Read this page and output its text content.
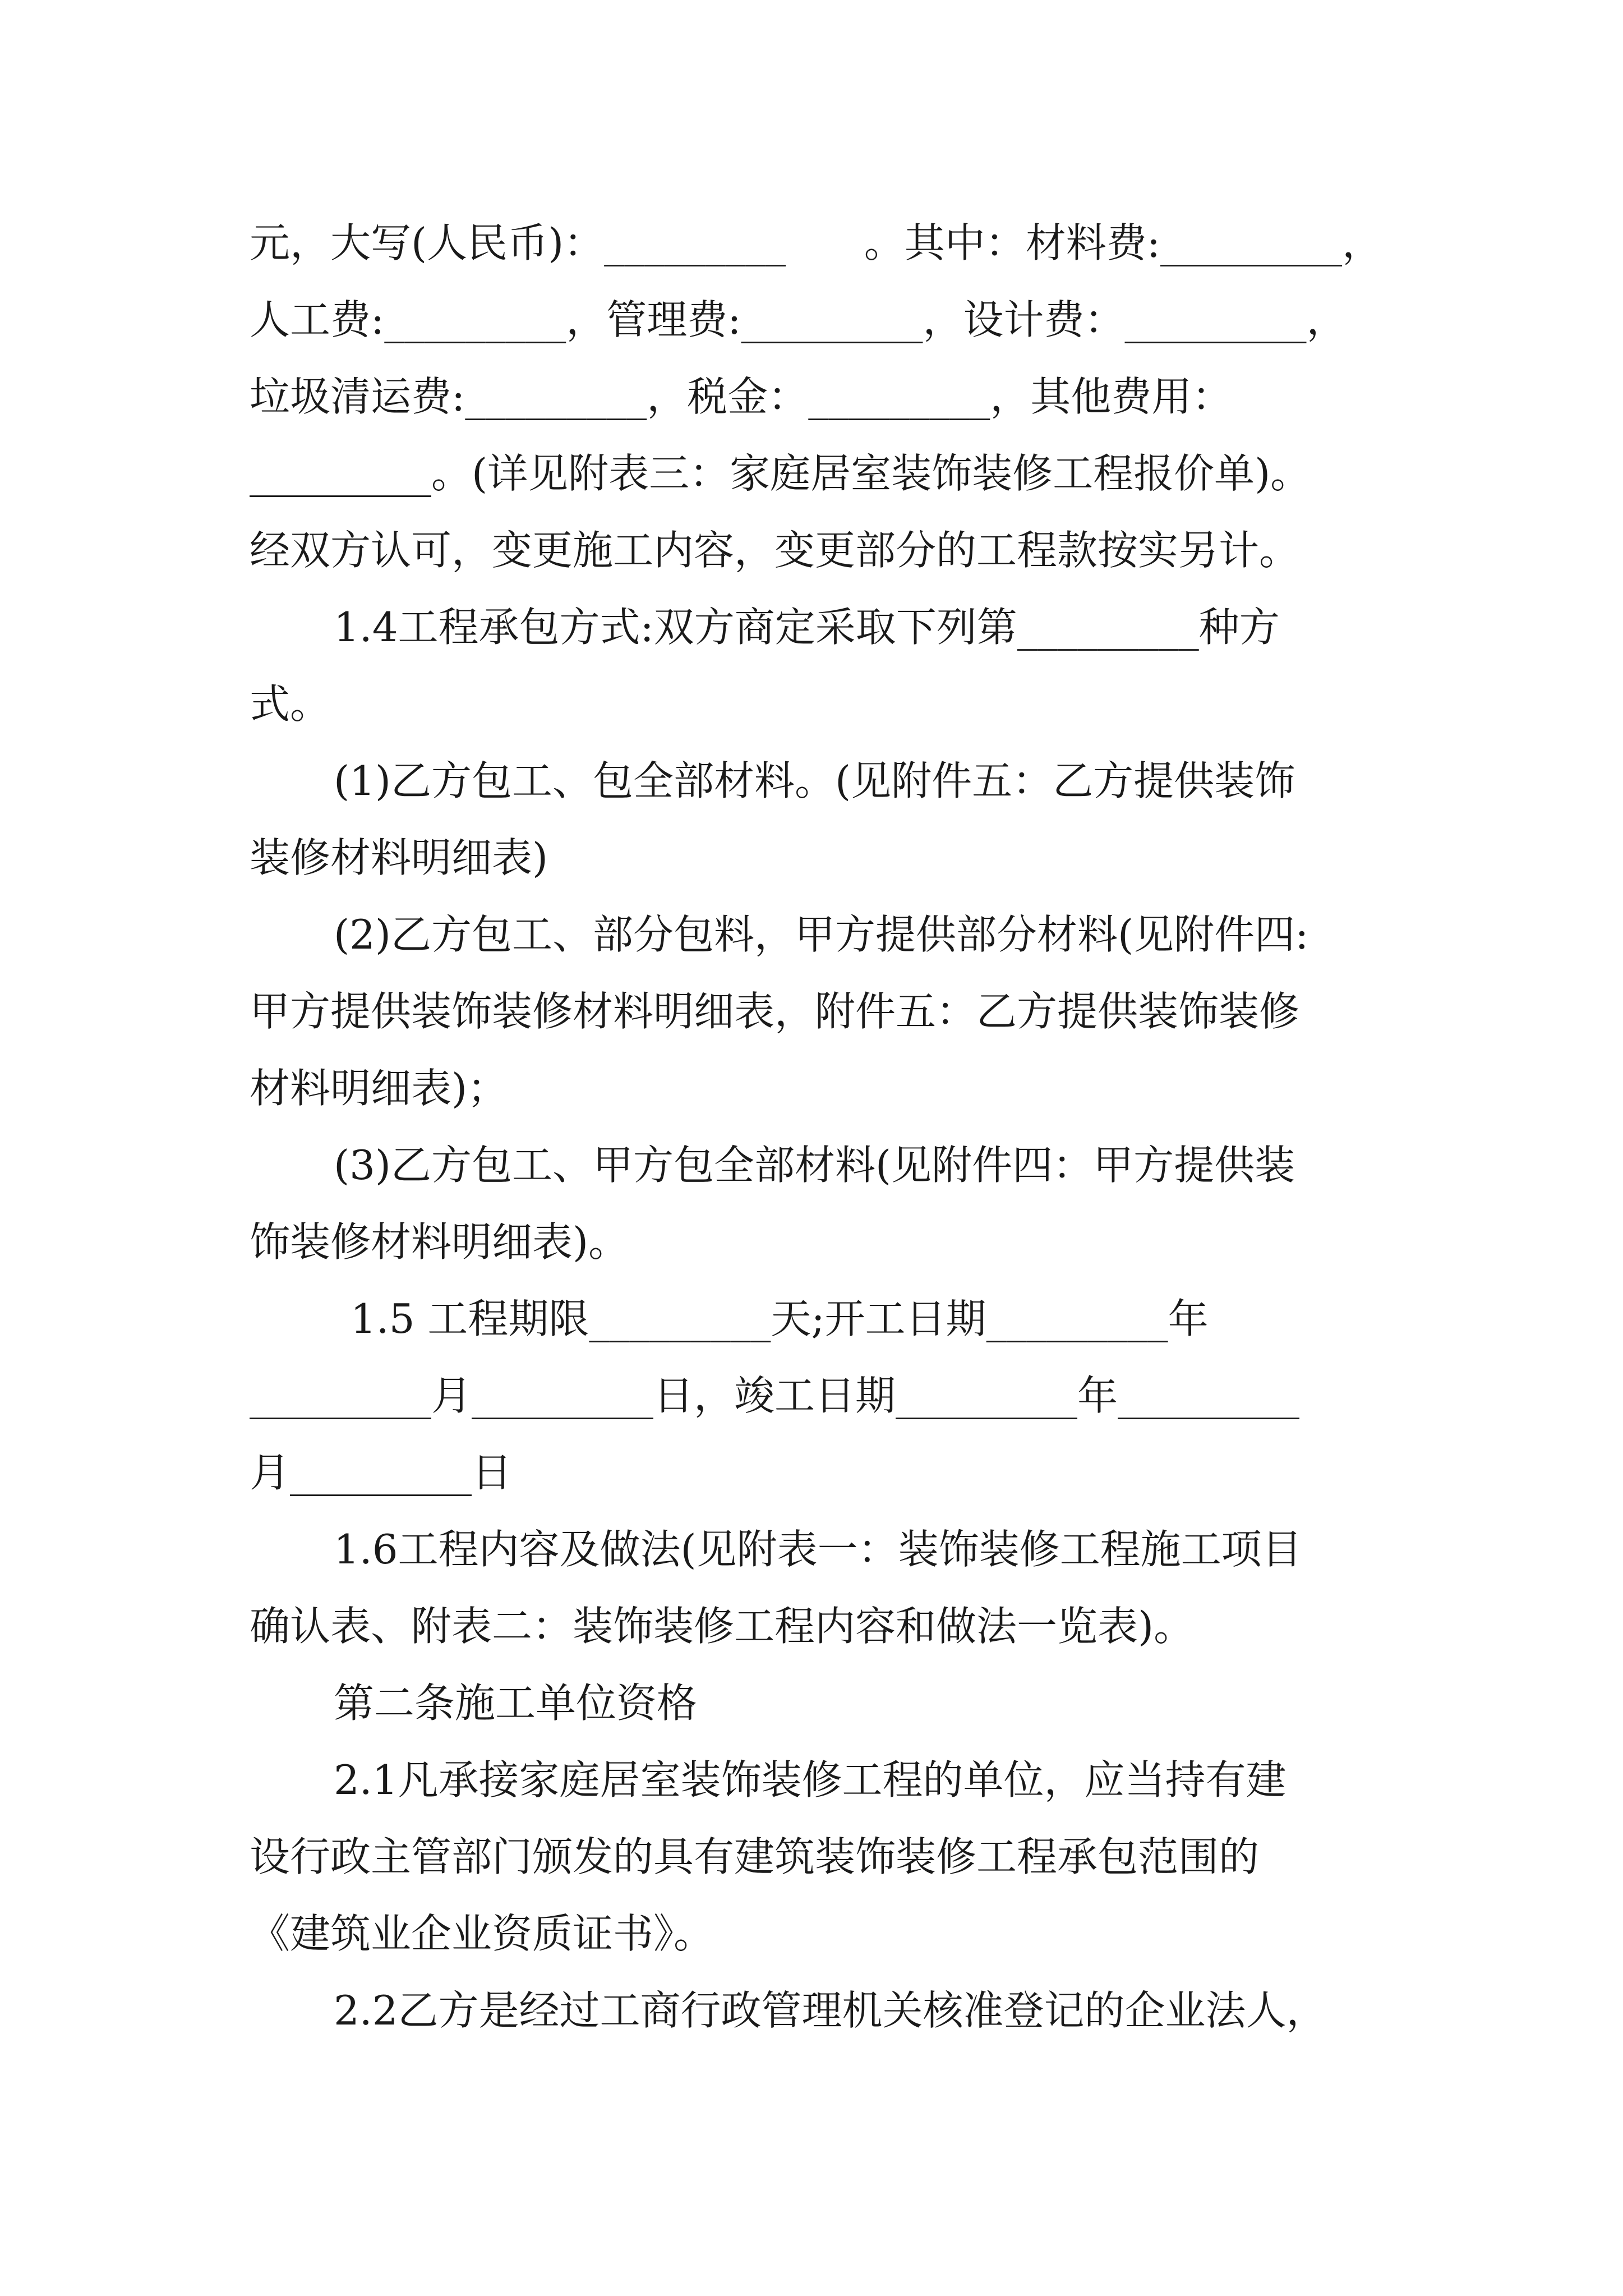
元，大写(人民币)：_________ 。其中：材料费:_________，
人工费:_________，管理费:_________，设计费：_________，
垃圾清运费:_________，税金：_________，其他费用：
_________。(详见附表三：家庭居室装饰装修工程报价单)。
经双方认可，变更施工内容，变更部分的工程款按实另计。
1.4工程承包方式:双方商定采取下列第_________种方
式。
(1)乙方包工、包全部材料。(见附件五：乙方提供装饰
装修材料明细表)
(2)乙方包工、部分包料，甲方提供部分材料(见附件四:
甲方提供装饰装修材料明细表，附件五：乙方提供装饰装修
材料明细表)；
(3)乙方包工、甲方包全部材料(见附件四：甲方提供装
饰装修材料明细表)。
1.5 工程期限_________天;开工日期_________年
_________月_________日，竣工日期_________年_________
月_________日
1.6工程内容及做法(见附表一：装饰装修工程施工项目
确认表、附表二：装饰装修工程内容和做法一览表)。
第二条施工单位资格
2.1凡承接家庭居室装饰装修工程的单位，应当持有建
设行政主管部门颁发的具有建筑装饰装修工程承包范围的
《建筑业企业资质证书》。
2.2乙方是经过工商行政管理机关核准登记的企业法人，
